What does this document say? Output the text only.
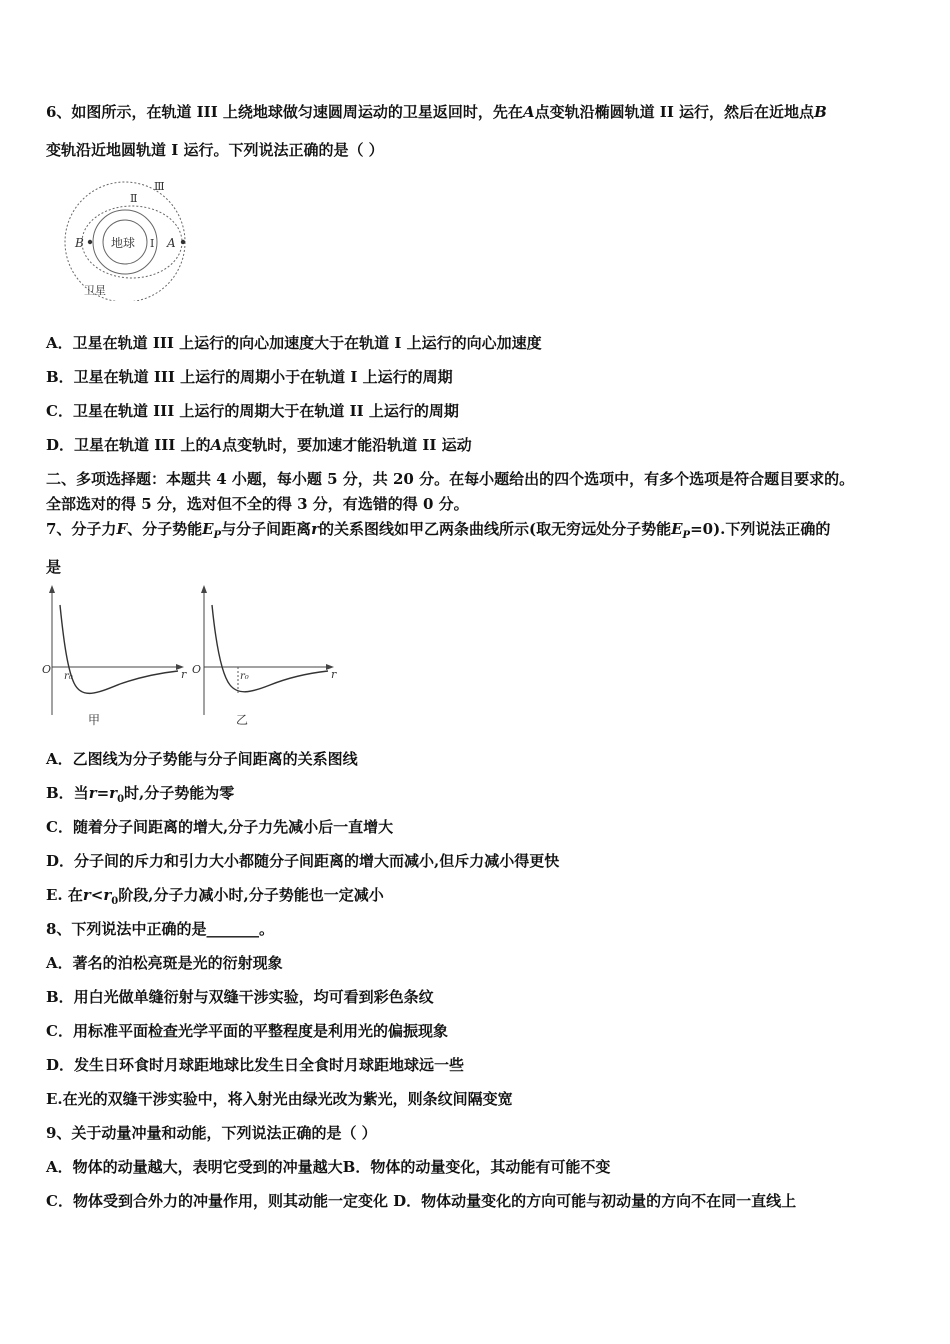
6、如图所示，在轨道 III 上绕地球做匀速圆周运动的卫星返回时，先在A点变轨沿椭圆轨道 II 运行，然后在近地点B
变轨沿近地圆轨道 I 运行。下列说法正确的是（ ）
地球
B	A
Ⅰ
Ⅱ
Ⅲ
卫星
A．卫星在轨道 III 上运行的向心加速度大于在轨道 I 上运行的向心加速度
B．卫星在轨道 III 上运行的周期小于在轨道 I 上运行的周期
C．卫星在轨道 III 上运行的周期大于在轨道 II 上运行的周期
D．卫星在轨道 III 上的A点变轨时，要加速才能沿轨道 II 运动
二、多项选择题：本题共 4 小题，每小题 5 分，共 20 分。在每小题给出的四个选项中，有多个选项是符合题目要求的。
全部选对的得 5 分，选对但不全的得 3 分，有选错的得 0 分。
7、分子力F、分子势能$E_P$与分子间距离r的关系图线如甲乙两条曲线所示(取无穷远处分子势能$E_P=0$).下列说法正确的
是
O
r₀	r
甲
O
r₀	r
乙
A．乙图线为分子势能与分子间距离的关系图线
B．当$r=r_0$时,分子势能为零
C．随着分子间距离的增大,分子力先减小后一直增大
D．分子间的斥力和引力大小都随分子间距离的增大而减小,但斥力减小得更快
E. 在$r<r_0$阶段,分子力减小时,分子势能也一定减小
8、下列说法中正确的是_______。
A．著名的泊松亮斑是光的衍射现象
B．用白光做单缝衍射与双缝干涉实验，均可看到彩色条纹
C．用标准平面检查光学平面的平整程度是利用光的偏振现象
D．发生日环食时月球距地球比发生日全食时月球距地球远一些
E.在光的双缝干涉实验中，将入射光由绿光改为紫光，则条纹间隔变宽
9、关于动量冲量和动能，下列说法正确的是（ ）
A．物体的动量越大，表明它受到的冲量越大B．物体的动量变化，其动能有可能不变
C．物体受到合外力的冲量作用，则其动能一定变化 D．物体动量变化的方向可能与初动量的方向不在同一直线上
